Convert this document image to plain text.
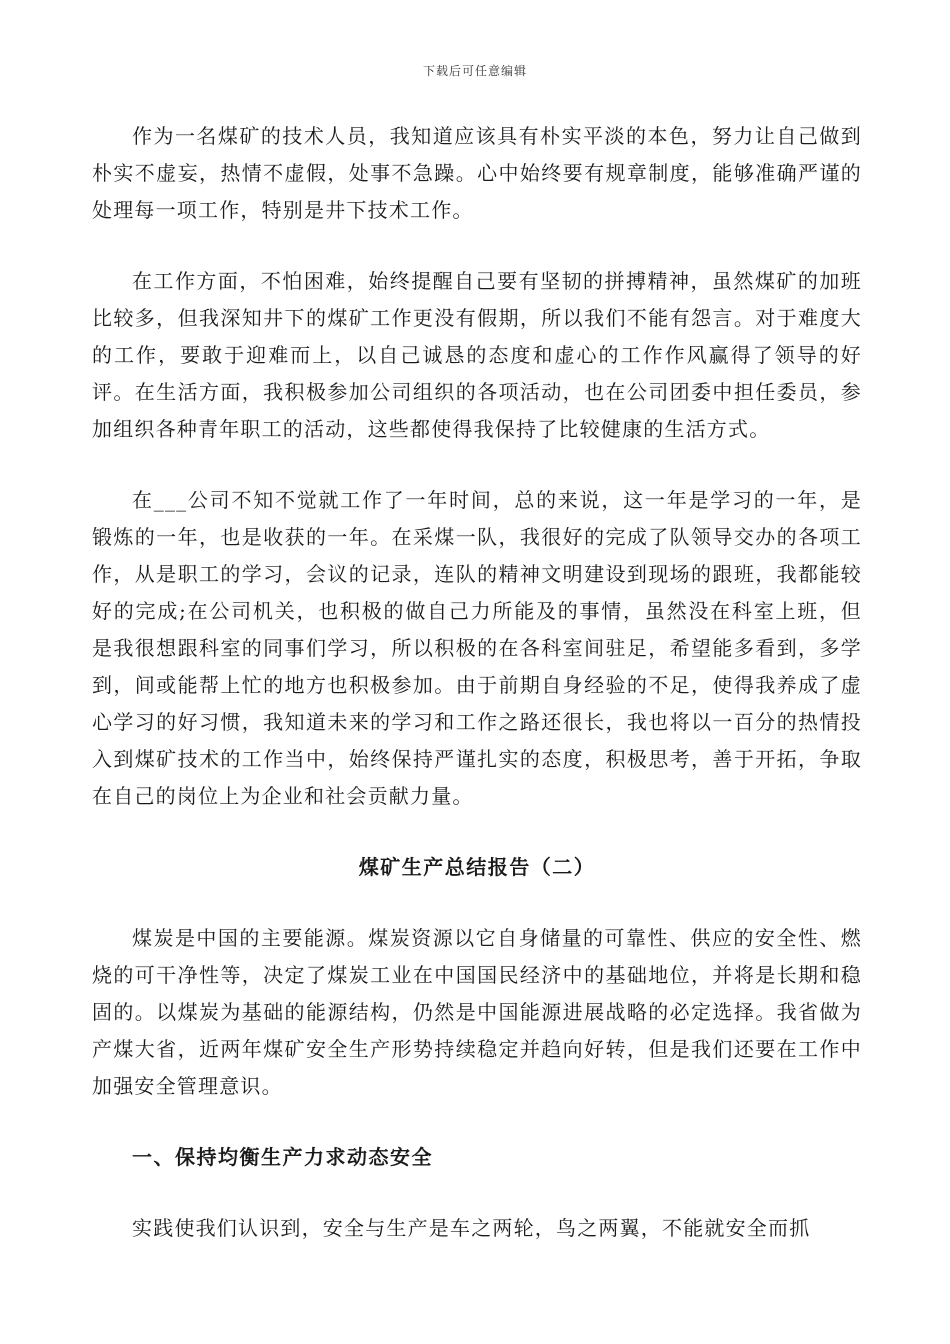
下载后可任意编辑

作为一名煤矿的技术人员，我知道应该具有朴实平淡的本色，努力让自己做到朴实不虚妄，热情不虚假，处事不急躁。心中始终要有规章制度，能够准确严谨的处理每一项工作，特别是井下技术工作。

在工作方面，不怕困难，始终提醒自己要有坚韧的拼搏精神，虽然煤矿的加班比较多，但我深知井下的煤矿工作更没有假期，所以我们不能有怨言。对于难度大的工作，要敢于迎难而上，以自己诚恳的态度和虚心的工作作风赢得了领导的好评。在生活方面，我积极参加公司组织的各项活动，也在公司团委中担任委员，参加组织各种青年职工的活动，这些都使得我保持了比较健康的生活方式。

在___公司不知不觉就工作了一年时间，总的来说，这一年是学习的一年，是锻炼的一年，也是收获的一年。在采煤一队，我很好的完成了队领导交办的各项工作，从是职工的学习，会议的记录，连队的精神文明建设到现场的跟班，我都能较好的完成;在公司机关，也积极的做自己力所能及的事情，虽然没在科室上班，但是我很想跟科室的同事们学习，所以积极的在各科室间驻足，希望能多看到，多学到，间或能帮上忙的地方也积极参加。由于前期自身经验的不足，使得我养成了虚心学习的好习惯，我知道未来的学习和工作之路还很长，我也将以一百分的热情投入到煤矿技术的工作当中，始终保持严谨扎实的态度，积极思考，善于开拓，争取在自己的岗位上为企业和社会贡献力量。

煤矿生产总结报告（二）

煤炭是中国的主要能源。煤炭资源以它自身储量的可靠性、供应的安全性、燃烧的可干净性等，决定了煤炭工业在中国国民经济中的基础地位，并将是长期和稳固的。以煤炭为基础的能源结构，仍然是中国能源进展战略的必定选择。我省做为产煤大省，近两年煤矿安全生产形势持续稳定并趋向好转，但是我们还要在工作中加强安全管理意识。

一、保持均衡生产力求动态安全

实践使我们认识到，安全与生产是车之两轮，鸟之两翼，不能就安全而抓
